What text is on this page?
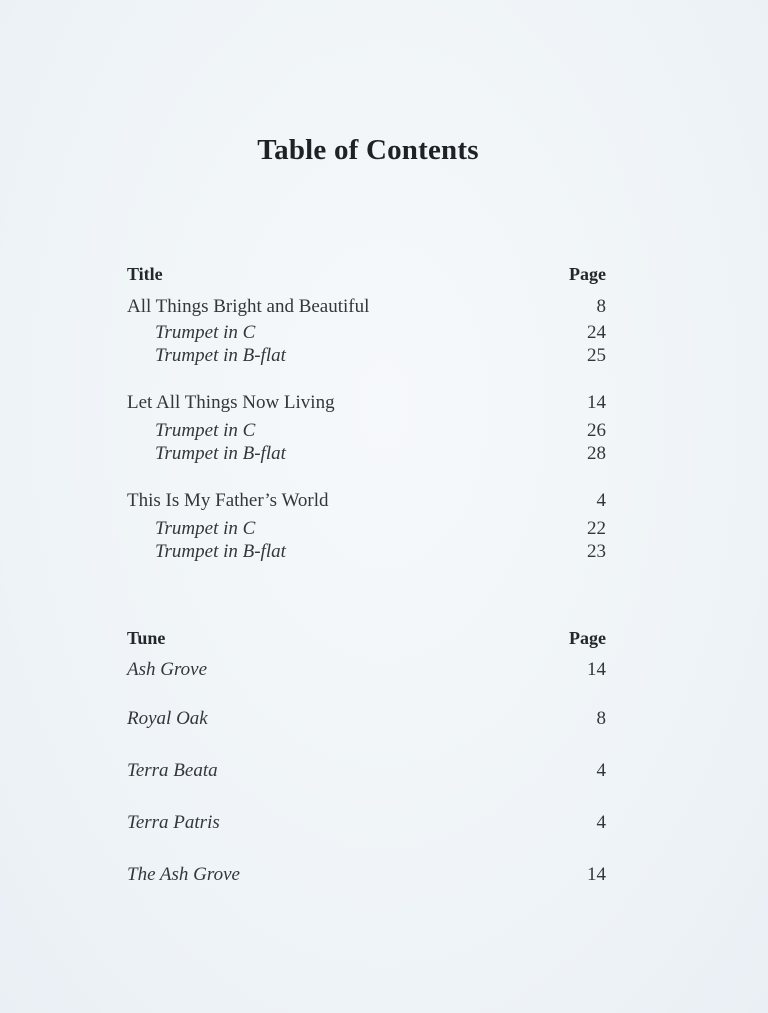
Table of Contents
Title	Page
All Things Bright and Beautiful	8
Trumpet in C	24
Trumpet in B-flat	25
Let All Things Now Living	14
Trumpet in C	26
Trumpet in B-flat	28
This Is My Father’s World	4
Trumpet in C	22
Trumpet in B-flat	23
Tune	Page
Ash Grove	14
Royal Oak	8
Terra Beata	4
Terra Patris	4
The Ash Grove	14
